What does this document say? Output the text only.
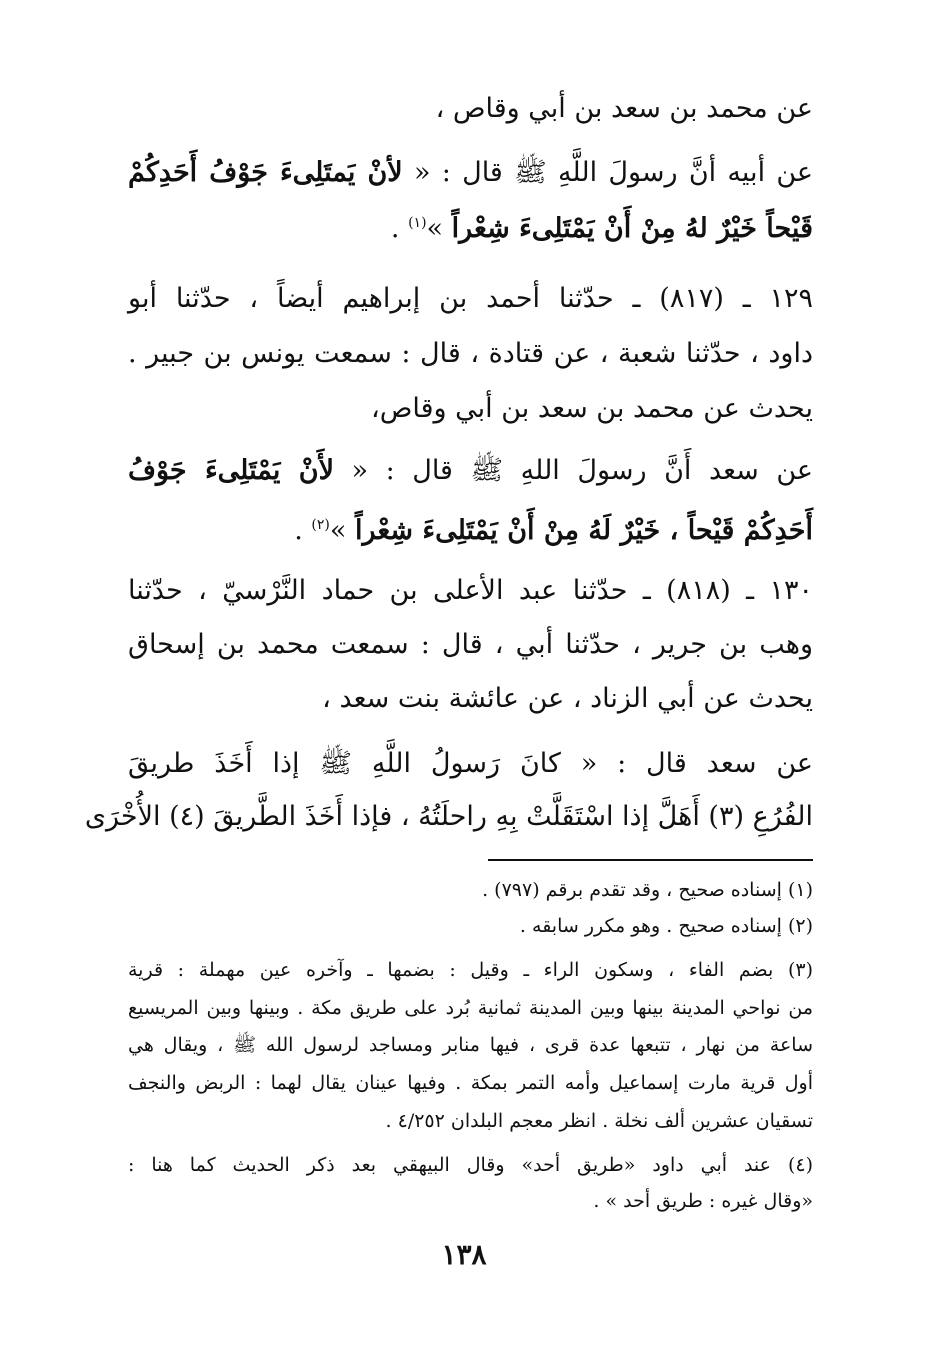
عن محمد بن سعد بن أبي وقاص ،
عن أبيه أنَّ رسولَ اللَّهِ ﷺ قال : « لأنْ يَمتَلِىءَ جَوْفُ أَحَدِكُمْ
قَيْحاً خَيْرٌ لهُ مِنْ أَنْ يَمْتَلِىءَ شِعْراً »$^{(١)}$ .
١٢٩ ـ (٨١٧) ـ حدّثنا أحمد بن إبراهيم أيضاً ، حدّثنا أبو
داود ، حدّثنا شعبة ، عن قتادة ، قال : سمعت يونس بن جبير .
يحدث عن محمد بن سعد بن أبي وقاص،
عن سعد أَنَّ رسولَ اللهِ ﷺ قال : « لأَنْ يَمْتَلِىءَ جَوْفُ
أَحَدِكُمْ قَيْحاً ، خَيْرٌ لَهُ مِنْ أَنْ يَمْتَلِىءَ شِعْراً »$^{(٢)}$ .
١٣٠ ـ (٨١٨) ـ حدّثنا عبد الأعلى بن حماد النَّرْسيّ ، حدّثنا
وهب بن جرير ، حدّثنا أبي ، قال : سمعت محمد بن إسحاق
يحدث عن أبي الزناد ، عن عائشة بنت سعد ،
عن سعد قال : « كانَ رَسولُ اللَّهِ ﷺ إذا أَخَذَ طريقَ
الفُرُعِ (٣) أَهَلَّ إذا اسْتَقَلَّتْ بِهِ راحلَتُهُ ، فإذا أَخَذَ الطَّريقَ (٤) الأُخْرَى
(١) إسناده صحيح ، وقد تقدم برقم (٧٩٧) .
(٢) إسناده صحيح . وهو مكرر سابقه .
(٣) بضم الفاء ، وسكون الراء ـ وقيل : بضمها ـ وآخره عين مهملة : قرية
من نواحي المدينة بينها وبين المدينة ثمانية بُرد على طريق مكة . وبينها وبين المريسيع
ساعة من نهار ، تتبعها عدة قرى ، فيها منابر ومساجد لرسول الله ﷺ ، ويقال هي
أول قرية مارت إسماعيل وأمه التمر بمكة . وفيها عينان يقال لهما : الربض والنجف
تسقيان عشرين ألف نخلة . انظر معجم البلدان ٤/٢٥٢ .
(٤) عند أبي داود «طريق أحد» وقال البيهقي بعد ذكر الحديث كما هنا :
«وقال غيره : طريق أحد » .
١٣٨
